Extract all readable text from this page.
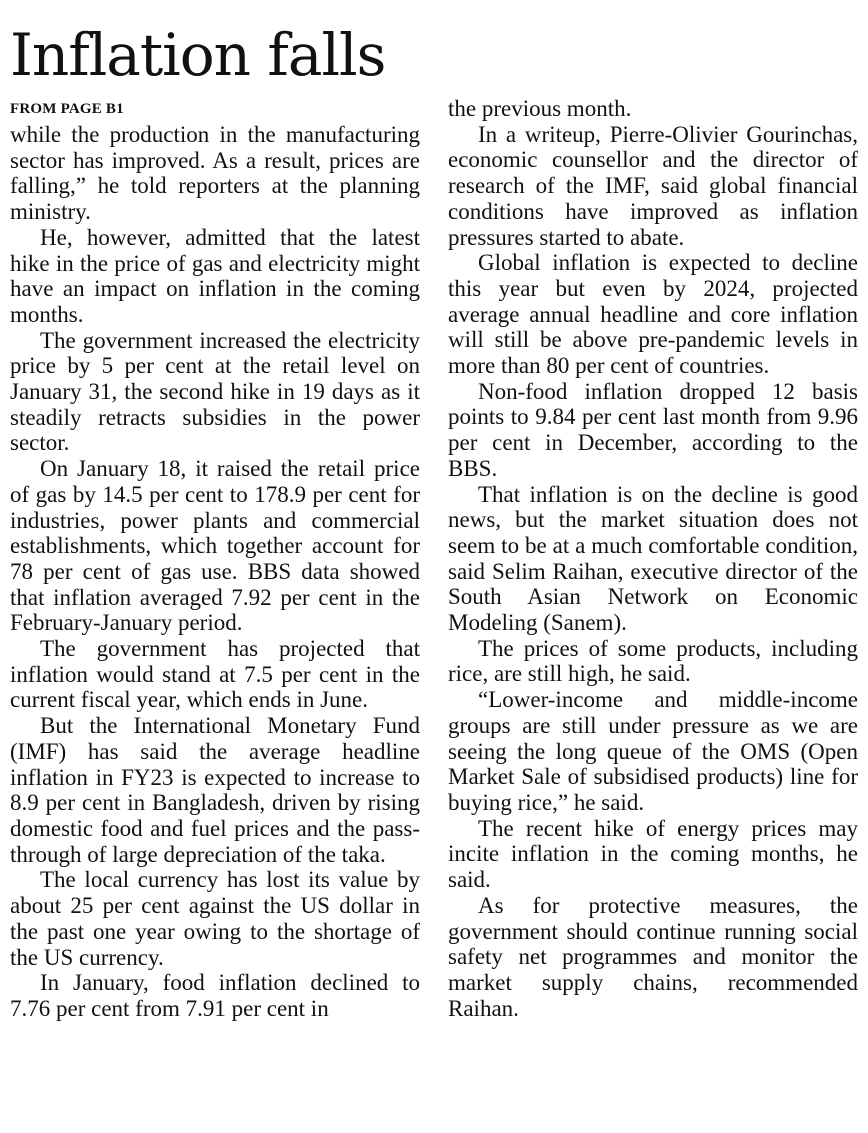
Inflation falls
FROM PAGE B1

while the production in the manufacturing sector has improved. As a result, prices are falling,” he told reporters at the planning ministry.

He, however, admitted that the latest hike in the price of gas and electricity might have an impact on inflation in the coming months.

The government increased the electricity price by 5 per cent at the retail level on January 31, the second hike in 19 days as it steadily retracts subsidies in the power sector.

On January 18, it raised the retail price of gas by 14.5 per cent to 178.9 per cent for industries, power plants and commercial establishments, which together account for 78 per cent of gas use. BBS data showed that inflation averaged 7.92 per cent in the February-January period.

The government has projected that inflation would stand at 7.5 per cent in the current fiscal year, which ends in June.

But the International Monetary Fund (IMF) has said the average headline inflation in FY23 is expected to increase to 8.9 per cent in Bangladesh, driven by rising domestic food and fuel prices and the pass-through of large depreciation of the taka.

The local currency has lost its value by about 25 per cent against the US dollar in the past one year owing to the shortage of the US currency.

In January, food inflation declined to 7.76 per cent from 7.91 per cent in

the previous month.

In a writeup, Pierre-Olivier Gourinchas, economic counsellor and the director of research of the IMF, said global financial conditions have improved as inflation pressures started to abate.

Global inflation is expected to decline this year but even by 2024, projected average annual headline and core inflation will still be above pre-pandemic levels in more than 80 per cent of countries.

Non-food inflation dropped 12 basis points to 9.84 per cent last month from 9.96 per cent in December, according to the BBS.

That inflation is on the decline is good news, but the market situation does not seem to be at a much comfortable condition, said Selim Raihan, executive director of the South Asian Network on Economic Modeling (Sanem).

The prices of some products, including rice, are still high, he said.

“Lower-income and middle-income groups are still under pressure as we are seeing the long queue of the OMS (Open Market Sale of subsidised products) line for buying rice,” he said.

The recent hike of energy prices may incite inflation in the coming months, he said.

As for protective measures, the government should continue running social safety net programmes and monitor the market supply chains, recommended Raihan.
